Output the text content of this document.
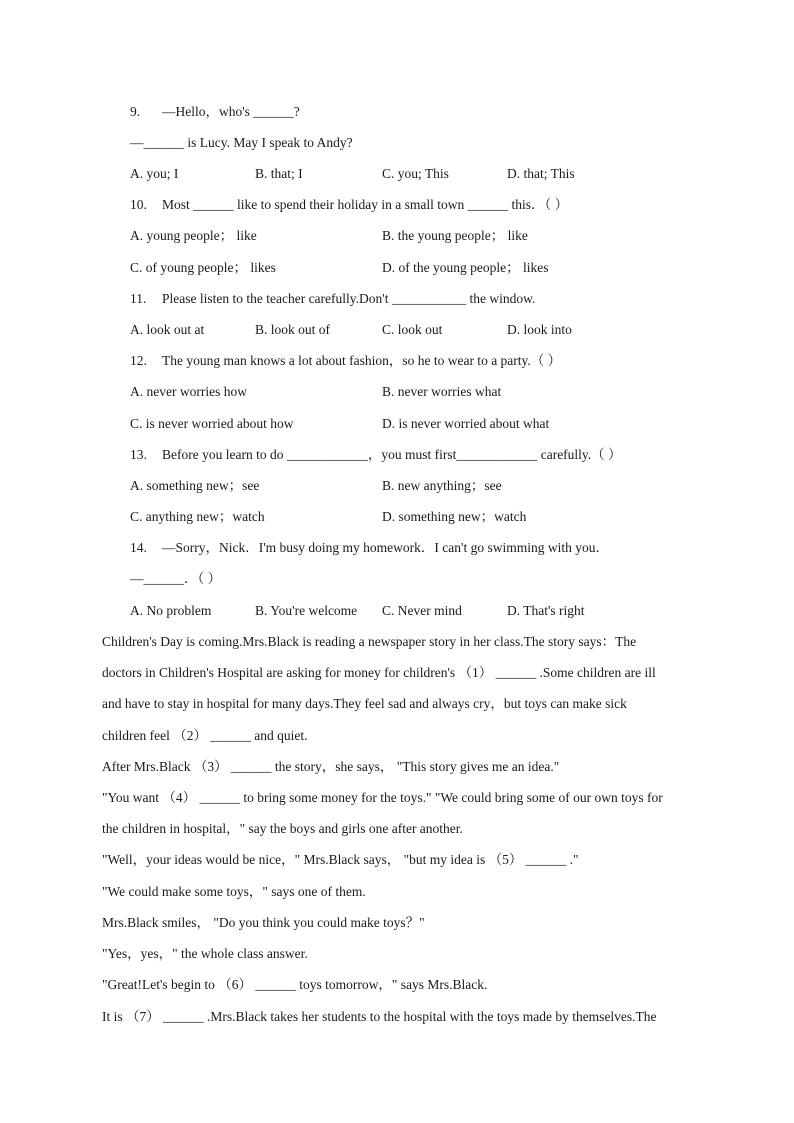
9. —Hello，who's ______?
—______ is Lucy. May I speak to Andy?
A. you; I	B. that; I	C. you; This	D. that; This
10. Most ______ like to spend their holiday in a small town ______ this．（ ）
A. young people； like	B. the young people； like
C. of young people； likes	D. of the young people； likes
11. Please listen to the teacher carefully.Don't ___________ the window.
A. look out at	B. look out of	C. look out	D. look into
12. The young man knows a lot about fashion，so he to wear to a party.（ ）
A. never worries how	B. never worries what
C. is never worried about how	D. is never worried about what
13. Before you learn to do ____________，you must first____________ carefully.（ ）
A. something new；see	B. new anything；see
C. anything new；watch	D. something new；watch
14. —Sorry，Nick．I'm busy doing my homework．I can't go swimming with you．
—______．（ ）
A. No problem	B. You're welcome C. Never mind	D. That's right
Children's Day is coming.Mrs.Black is reading a newspaper story in her class.The story says：The
doctors in Children's Hospital are asking for money for children's （1） ______ .Some children are ill
and have to stay in hospital for many days.They feel sad and always cry，but toys can make sick
children feel （2） ______ and quiet.
After Mrs.Black （3） ______ the story，she says， "This story gives me an idea."
"You want （4） ______ to bring some money for the toys." "We could bring some of our own toys for
the children in hospital，" say the boys and girls one after another.
"Well，your ideas would be nice，" Mrs.Black says， "but my idea is （5） ______ ."
"We could make some toys，" says one of them.
Mrs.Black smiles， "Do you think you could make toys？"
"Yes，yes，" the whole class answer.
"Great!Let's begin to （6） ______ toys tomorrow，" says Mrs.Black.
It is （7） ______ .Mrs.Black takes her students to the hospital with the toys made by themselves.The
